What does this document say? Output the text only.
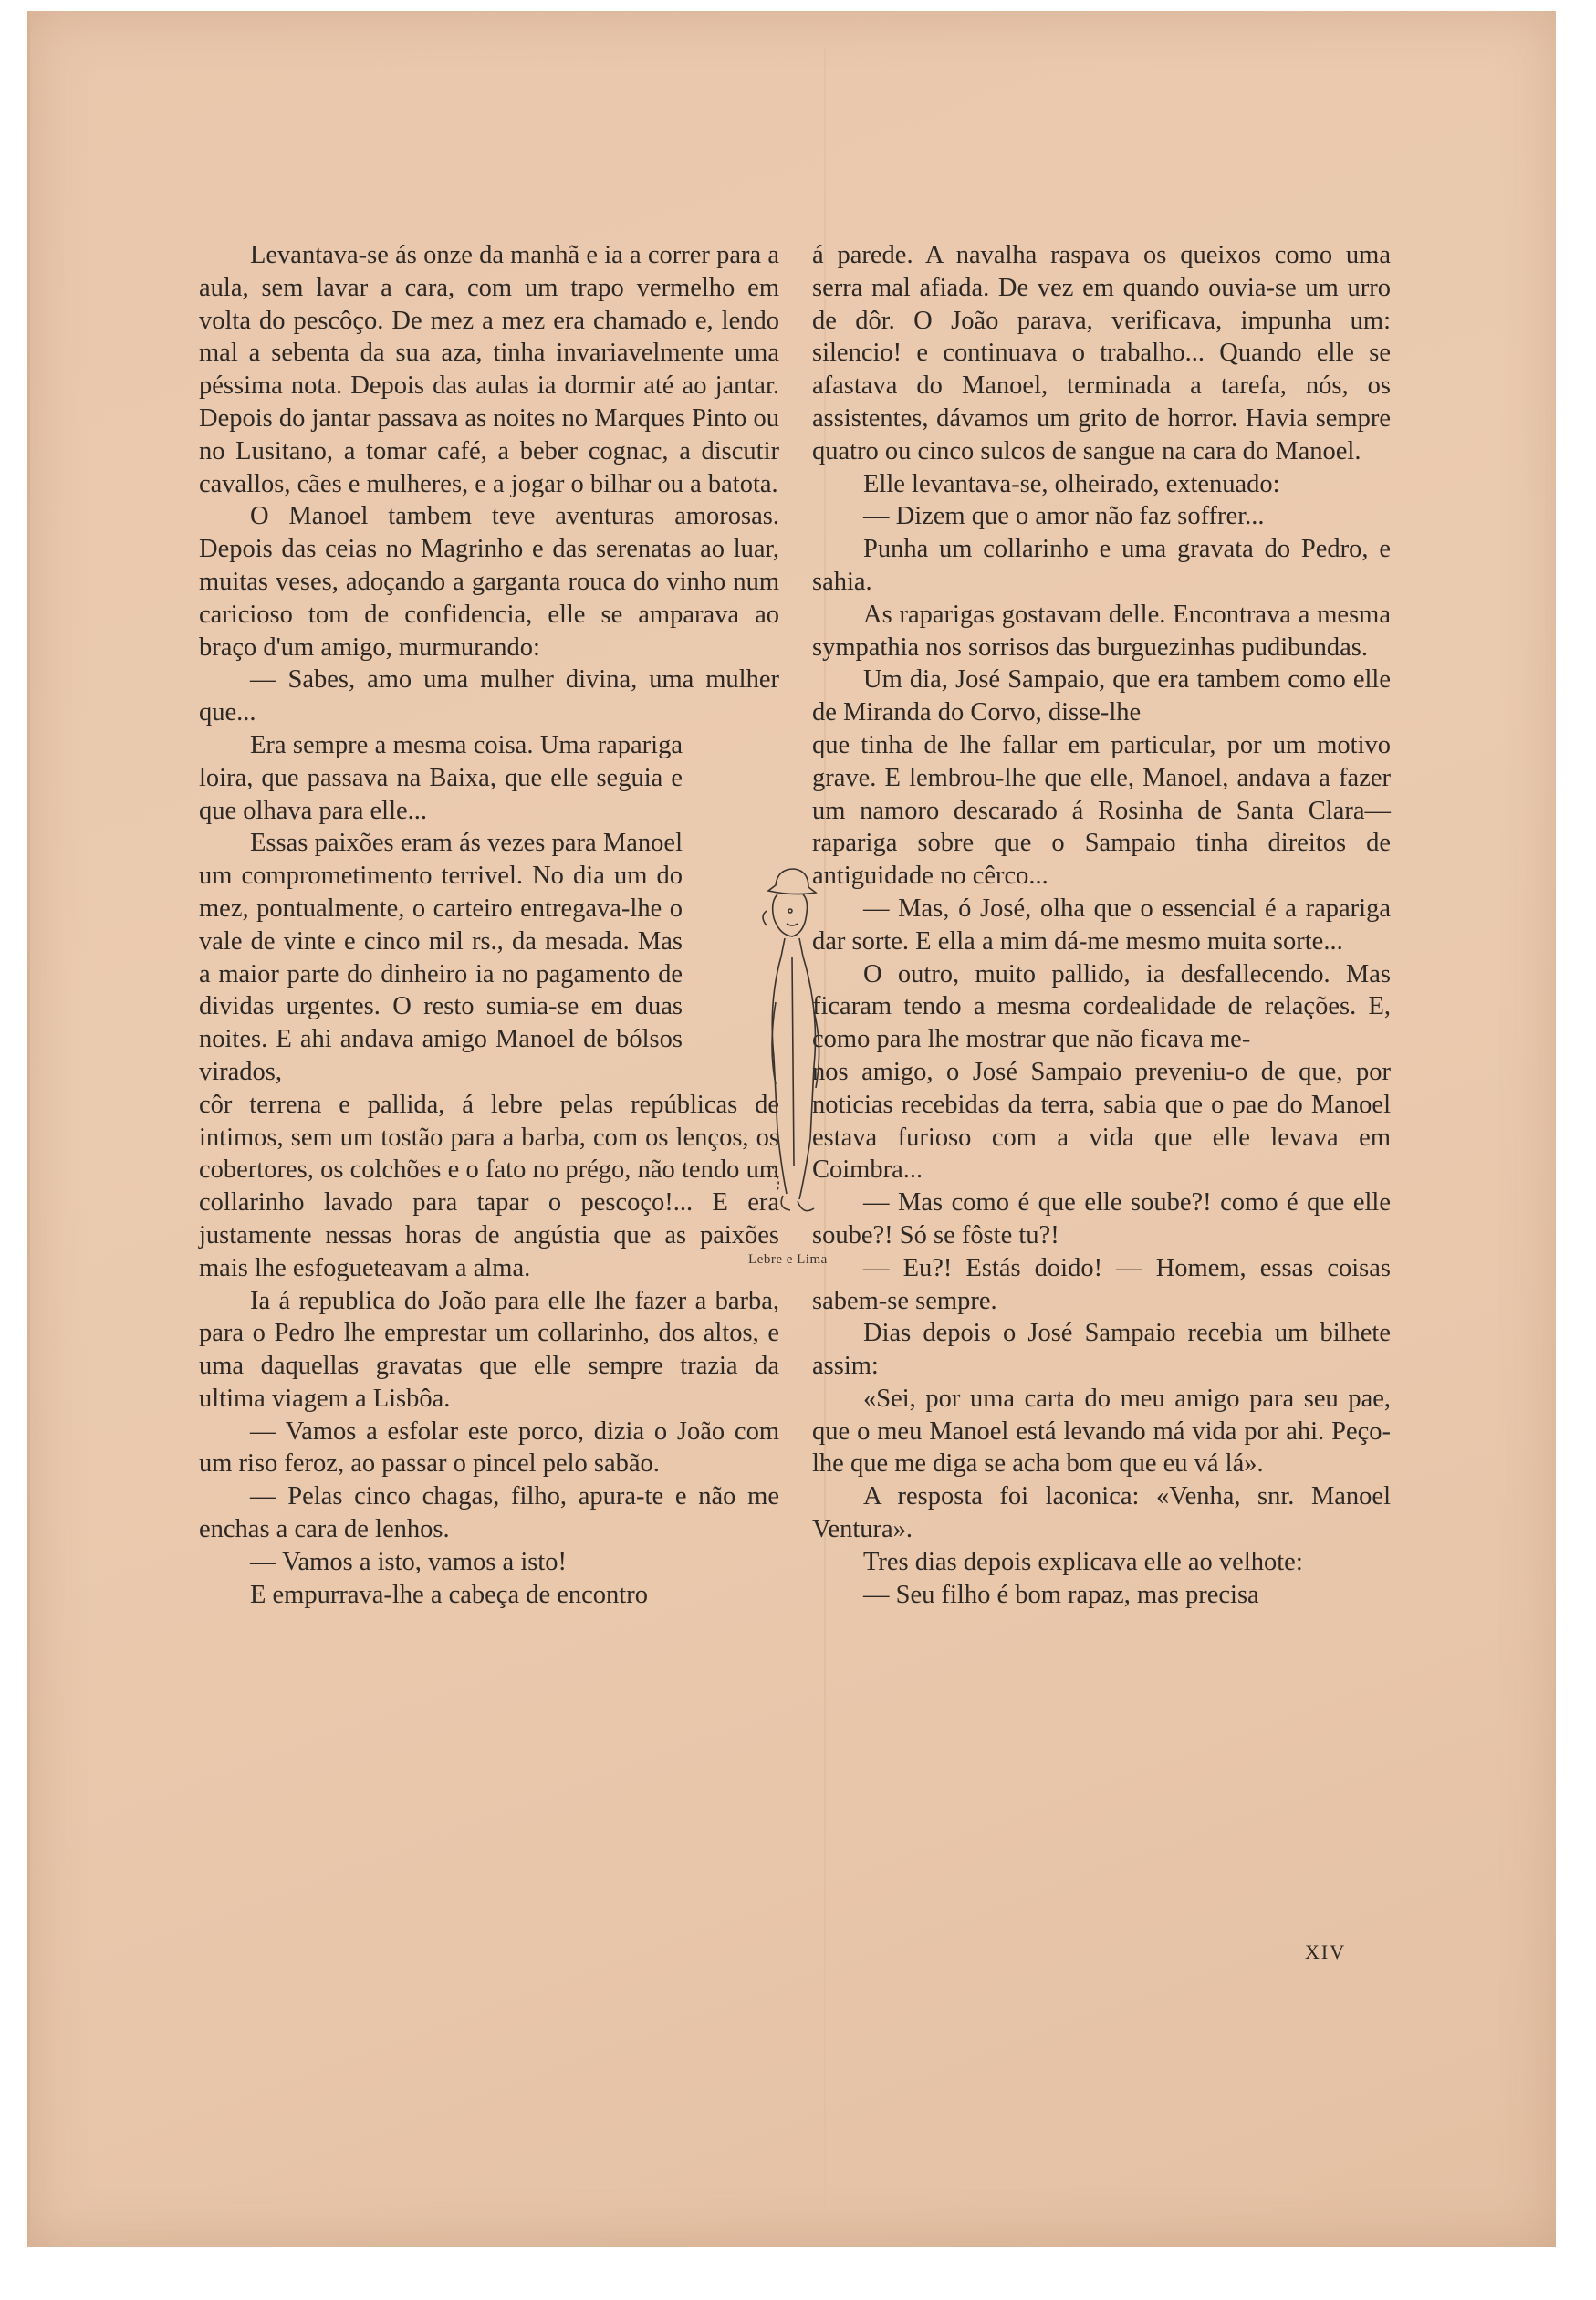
Levantava-se ás onze da manhã e ia a correr para a aula, sem lavar a cara, com um trapo vermelho em volta do pescôço. De mez a mez era chamado e, lendo mal a sebenta da sua aza, tinha invariavelmente uma péssima nota. Depois das aulas ia dormir até ao jantar. Depois do jantar passava as noites no Marques Pinto ou no Lusitano, a tomar café, a beber cognac, a discutir cavallos, cães e mulheres, e a jogar o bilhar ou a batota.

O Manoel tambem teve aventuras amorosas. Depois das ceias no Magrinho e das serenatas ao luar, muitas veses, adoçando a garganta rouca do vinho num caricioso tom de confidencia, elle se amparava ao braço d'um amigo, murmurando:

— Sabes, amo uma mulher divina, uma mulher que...

Era sempre a mesma coisa. Uma rapariga loira, que passava na Baixa, que elle seguia e que olhava para elle...

Essas paixões eram ás vezes para Manoel um comprometimento terrivel. No dia um do mez, pontualmente, o carteiro entregava-lhe o vale de vinte e cinco mil rs., da mesada. Mas a maior parte do dinheiro ia no pagamento de dividas urgentes. O resto sumia-se em duas noites. E ahi andava amigo Manoel de bólsos virados,

côr terrena e pallida, á lebre pelas repúblicas de intimos, sem um tostão para a barba, com os lenços, os cobertores, os colchões e o fato no prégo, não tendo um collarinho lavado para tapar o pescoço!... E era justamente nessas horas de angústia que as paixões mais lhe esfogueteavam a alma.

Ia á republica do João para elle lhe fazer a barba, para o Pedro lhe emprestar um collarinho, dos altos, e uma daquellas gravatas que elle sempre trazia da ultima viagem a Lisbôa.

— Vamos a esfolar este porco, dizia o João com um riso feroz, ao passar o pincel pelo sabão.

— Pelas cinco chagas, filho, apura-te e não me enchas a cara de lenhos.

— Vamos a isto, vamos a isto!

E empurrava-lhe a cabeça de encontro

á parede. A navalha raspava os queixos como uma serra mal afiada. De vez em quando ouvia-se um urro de dôr. O João parava, verificava, impunha um: silencio! e continuava o trabalho... Quando elle se afastava do Manoel, terminada a tarefa, nós, os assistentes, dávamos um grito de horror. Havia sempre quatro ou cinco sulcos de sangue na cara do Manoel.

Elle levantava-se, olheirado, extenuado:

— Dizem que o amor não faz soffrer...

Punha um collarinho e uma gravata do Pedro, e sahia.

As raparigas gostavam delle. Encontrava a mesma sympathia nos sorrisos das burguezinhas pudibundas.

Um dia, José Sampaio, que era tambem como elle de Miranda do Corvo, disse-lhe

que tinha de lhe fallar em particular, por um motivo grave. E lembrou-lhe que elle, Manoel, andava a fazer um namoro descarado á Rosinha de Santa Clara—rapariga sobre que o Sampaio tinha direitos de antiguidade no cêrco...

— Mas, ó José, olha que o essencial é a rapariga dar sorte. E ella a mim dá-me mesmo muita sorte...

O outro, muito pallido, ia desfallecendo. Mas ficaram tendo a mesma cordealidade de relações. E, como para lhe mostrar que não ficava me-

nos amigo, o José Sampaio preveniu-o de que, por noticias recebidas da terra, sabia que o pae do Manoel estava furioso com a vida que elle levava em Coimbra...

— Mas como é que elle soube?! como é que elle soube?! Só se fôste tu?!

— Eu?! Estás doido! — Homem, essas coisas sabem-se sempre.

Dias depois o José Sampaio recebia um bilhete assim:

«Sei, por uma carta do meu amigo para seu pae, que o meu Manoel está levando má vida por ahi. Peço-lhe que me diga se acha bom que eu vá lá».

A resposta foi laconica: «Venha, snr. Manoel Ventura».

Tres dias depois explicava elle ao velhote:

— Seu filho é bom rapaz, mas precisa

Lebre e Lima
XIV
